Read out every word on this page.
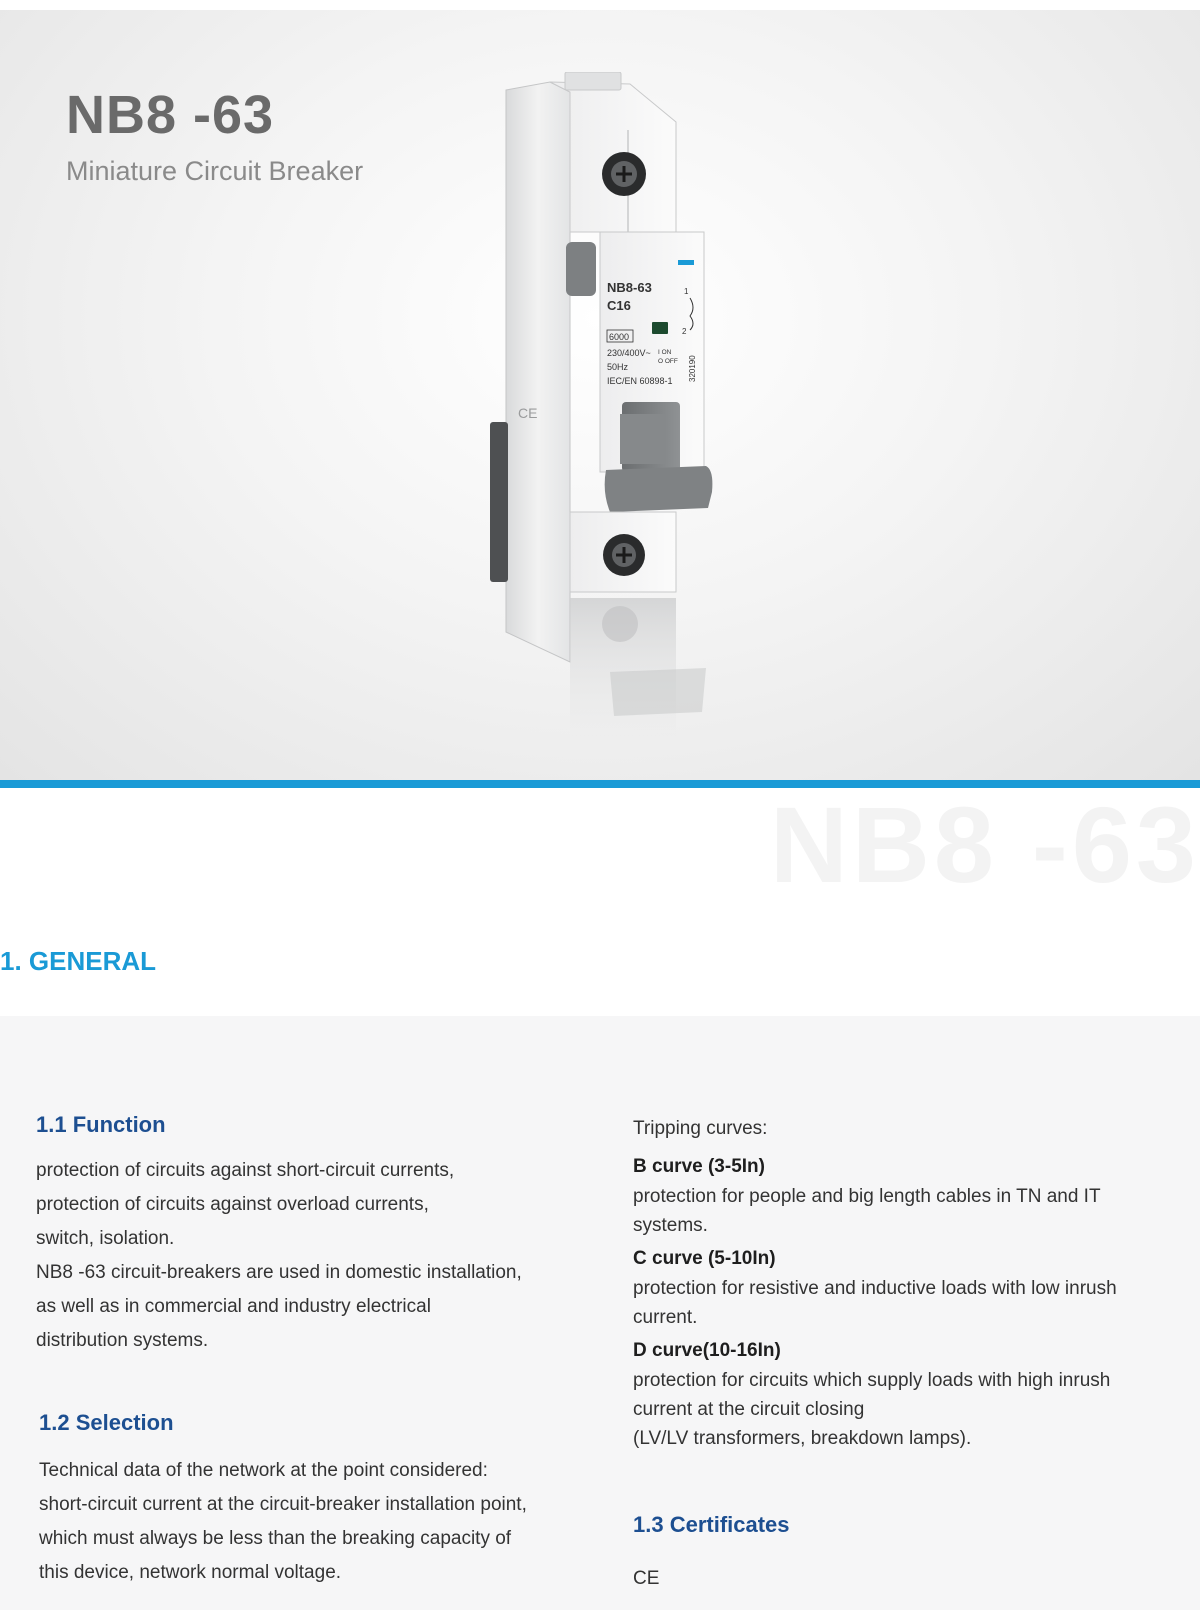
NB8 -63
Miniature Circuit Breaker
NB8-63
C16
6000
230/400V~ I ON
O OFF
50Hz
IEC/EN 60898-1
1
2
320190
CE
NB8 -63
1. GENERAL
1.1 Function
protection of circuits against short-circuit currents,
protection of circuits against overload currents,
switch, isolation.
NB8 -63 circuit-breakers are used in domestic installation,
as well as in commercial and industry electrical
distribution systems.
1.2 Selection
Technical data of the network at the point considered:
short-circuit current at the circuit-breaker installation point,
which must always be less than the breaking capacity of
this device, network normal voltage.
Tripping curves:
B curve (3-5In)
protection for people and big length cables in TN and IT
systems.
C curve (5-10In)
protection for resistive and inductive loads with low inrush
current.
D curve(10-16In)
protection for circuits which supply loads with high inrush
current at the circuit closing
(LV/LV transformers, breakdown lamps).
1.3 Certificates
CE
